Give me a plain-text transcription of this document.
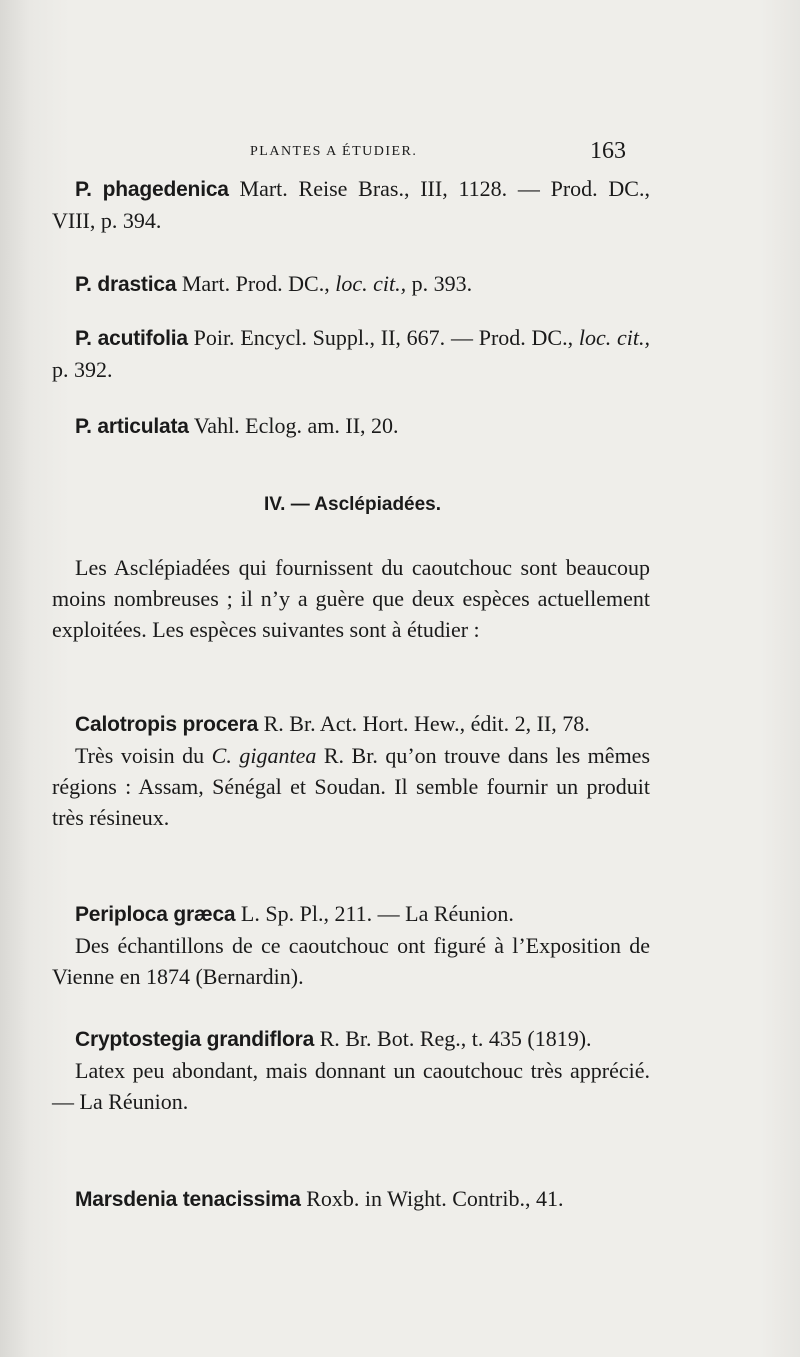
PLANTES A ÉTUDIER.	163

P. phagedenica Mart. Reise Bras., III, 1128. — Prod. DC., VIII, p. 394.

P. drastica Mart. Prod. DC., loc. cit., p. 393.

P. acutifolia Poir. Encycl. Suppl., II, 667. — Prod. DC., loc. cit., p. 392.

P. articulata Vahl. Eclog. am. II, 20.

IV. — Asclépiadées.

Les Asclépiadées qui fournissent du caoutchouc sont beaucoup moins nombreuses ; il n’y a guère que deux espèces actuellement exploitées. Les espèces suivantes sont à étudier :

Calotropis procera R. Br. Act. Hort. Hew., édit. 2, II, 78.

Très voisin du C. gigantea R. Br. qu’on trouve dans les mêmes régions : Assam, Sénégal et Soudan. Il semble fournir un produit très résineux.

Periploca græca L. Sp. Pl., 211. — La Réunion.

Des échantillons de ce caoutchouc ont figuré à l’Exposition de Vienne en 1874 (Bernardin).

Cryptostegia grandiflora R. Br. Bot. Reg., t. 435 (1819).

Latex peu abondant, mais donnant un caoutchouc très apprécié. — La Réunion.

Marsdenia tenacissima Roxb. in Wight. Contrib., 41.
